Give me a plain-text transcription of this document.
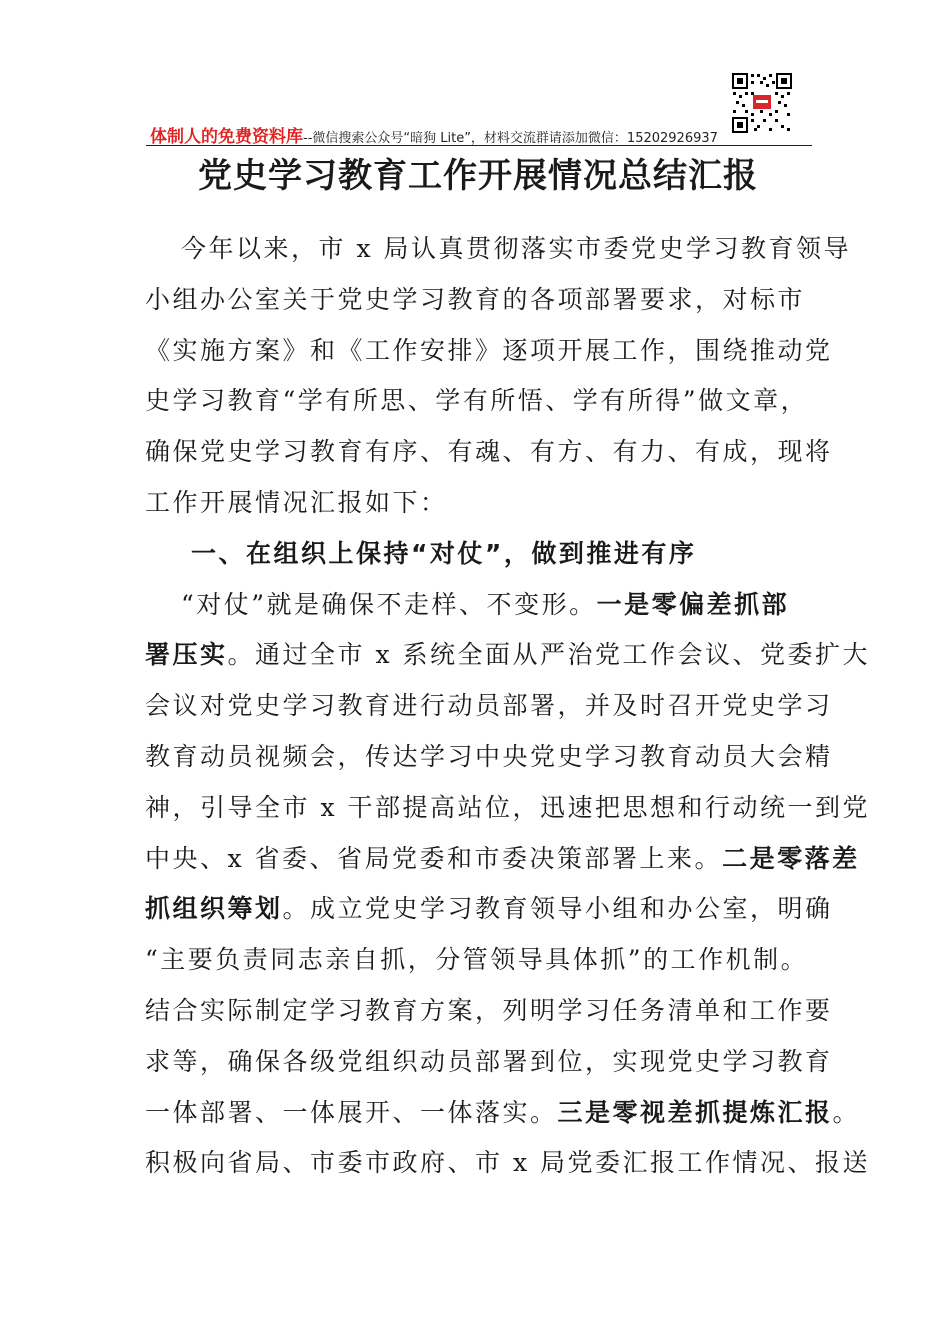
体制人的免费资料库--微信搜索公众号“暗狗 Lite”，材料交流群请添加微信：15202926937
党史学习教育工作开展情况总结汇报
今年以来，市 x 局认真贯彻落实市委党史学习教育领导
小组办公室关于党史学习教育的各项部署要求，对标市
《实施方案》和《工作安排》逐项开展工作，围绕推动党
史学习教育“学有所思、学有所悟、学有所得”做文章，
确保党史学习教育有序、有魂、有方、有力、有成，现将
工作开展情况汇报如下：
一、在组织上保持“对仗”，做到推进有序
“对仗”就是确保不走样、不变形。一是零偏差抓部
署压实。通过全市 x 系统全面从严治党工作会议、党委扩大
会议对党史学习教育进行动员部署，并及时召开党史学习
教育动员视频会，传达学习中央党史学习教育动员大会精
神，引导全市 x 干部提高站位，迅速把思想和行动统一到党
中央、x 省委、省局党委和市委决策部署上来。二是零落差
抓组织筹划。成立党史学习教育领导小组和办公室，明确
“主要负责同志亲自抓，分管领导具体抓”的工作机制。
结合实际制定学习教育方案，列明学习任务清单和工作要
求等，确保各级党组织动员部署到位，实现党史学习教育
一体部署、一体展开、一体落实。三是零视差抓提炼汇报。
积极向省局、市委市政府、市 x 局党委汇报工作情况、报送
